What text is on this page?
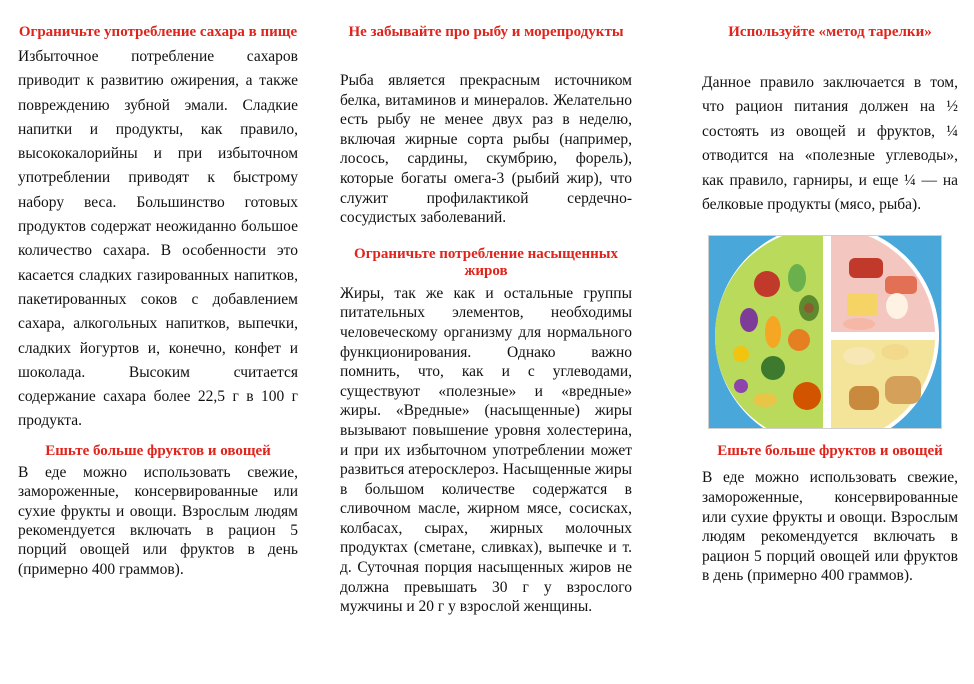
Ограничьте употребление сахара в пище

Избыточное потребление сахаров приводит к развитию ожирения, а также повреждению зубной эмали. Сладкие напитки и продукты, как правило, высококалорийны и при избыточном употреблении приводят к быстрому набору веса. Большинство готовых продуктов содержат неожиданно большое количество сахара. В особенности это касается сладких газированных напитков, пакетированных соков с добавлением сахара, алкогольных напитков, выпечки, сладких йогуртов и, конечно, конфет и шоколада. Высоким считается содержание сахара более 22,5 г в 100 г продукта.

Ешьте больше фруктов и овощей

В еде можно использовать свежие, замороженные, консервированные или сухие фрукты и овощи. Взрослым людям рекомендуется включать в рацион 5 порций овощей или фруктов в день (примерно 400 граммов).

Не забывайте про рыбу и морепродукты

Рыба является прекрасным источником белка, витаминов и минералов. Желательно есть рыбу не менее двух раз в неделю, включая жирные сорта рыбы (например, лосось, сардины, скумбрию, форель), которые богаты омега-3 (рыбий жир), что служит профилактикой сердечно-сосудистых заболеваний.

Ограничьте потребление насыщенных жиров

Жиры, так же как и остальные группы питательных элементов, необходимы человеческому организму для нормального функционирования. Однако важно помнить, что, как и с углеводами, существуют «полезные» и «вредные» жиры. «Вредные» (насыщенные) жиры вызывают повышение уровня холестерина, и при их избыточном употреблении может развиться атеросклероз. Насыщенные жиры в большом количестве содержатся в сливочном масле, жирном мясе, сосисках, колбасах, сырах, жирных молочных продуктах (сметане, сливках), выпечке и т. д. Суточная порция насыщенных жиров не должна превышать 30 г у взрослого мужчины и 20 г у взрослой женщины.

Используйте «метод тарелки»

Данное правило заключается в том, что рацион питания должен на ½ состоять из овощей и фруктов, ¼ отводится на «полезные углеводы», как правило, гарниры, и еще ¼ — на белковые продукты (мясо, рыба).

Ешьте больше фруктов и овощей

В еде можно использовать свежие, замороженные, консервированные или сухие фрукты и овощи. Взрослым людям рекомендуется включать в рацион 5 порций овощей или фруктов в день (примерно 400 граммов).
